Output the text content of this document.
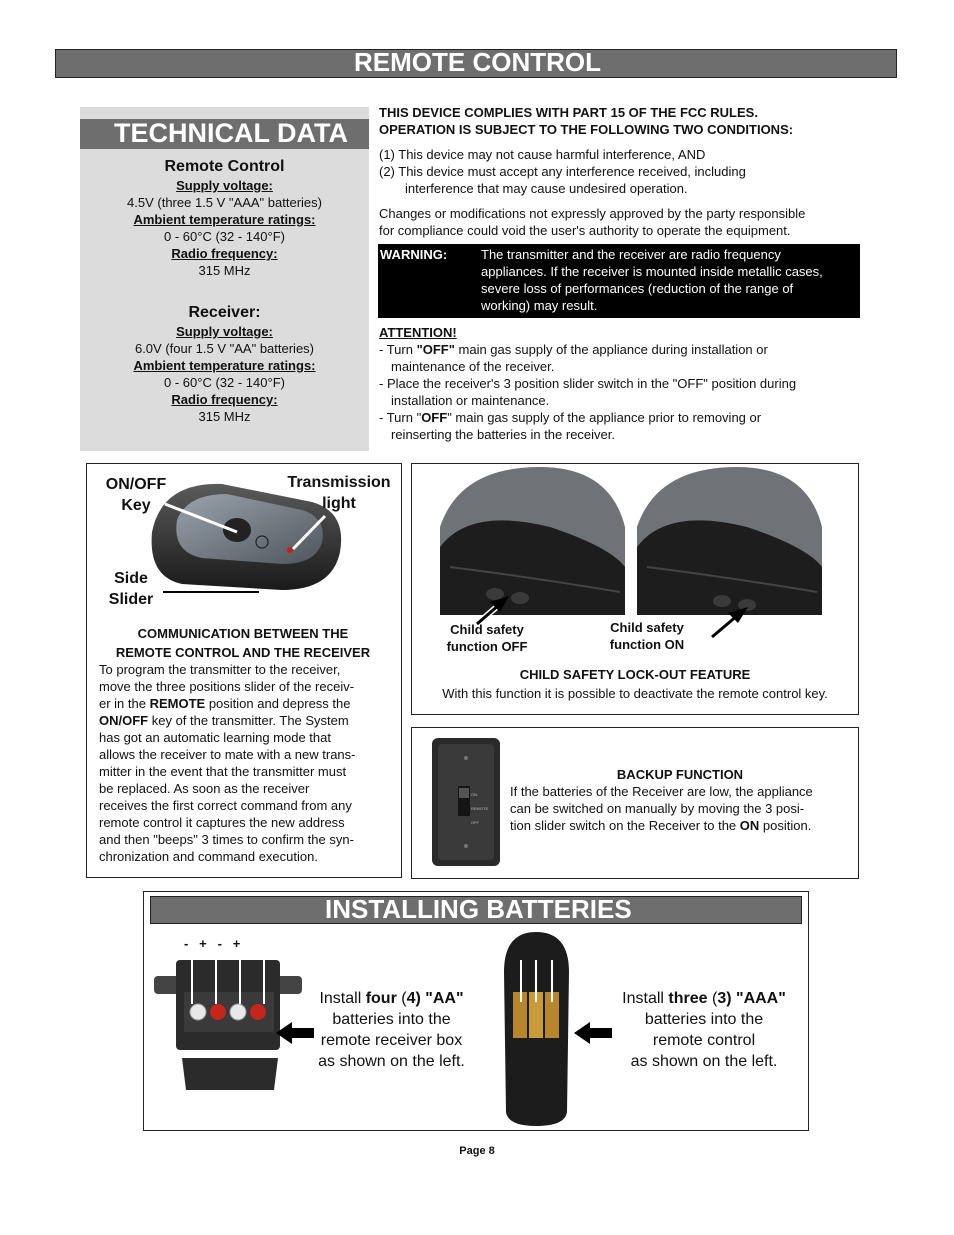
REMOTE CONTROL
TECHNICAL DATA
Remote Control
Supply voltage:
4.5V (three 1.5 V "AAA" batteries)
Ambient temperature ratings:
0 - 60°C (32 - 140°F)
Radio frequency:
315 MHz
Receiver:
Supply voltage:
6.0V (four 1.5 V "AA" batteries)
Ambient temperature ratings:
0 - 60°C (32 - 140°F)
Radio frequency:
315 MHz
THIS DEVICE COMPLIES WITH PART 15 OF THE FCC RULES.
OPERATION IS SUBJECT TO THE FOLLOWING TWO CONDITIONS:
(1) This device may not cause harmful interference, AND
(2) This device must accept any interference received, including
interference that may cause undesired operation.
Changes or modifications not expressly approved by the party responsible
for compliance could void the user's authority to operate the equipment.
WARNING:	The transmitter and the receiver are radio frequency
appliances. If the receiver is mounted inside metallic cases,
severe loss of performances (reduction of the range of
working) may result.
ATTENTION!
- Turn "OFF" main gas supply of the appliance during installation or
maintenance of the receiver.
- Place the receiver's 3 position slider switch in the "OFF" position during
installation or maintenance.
- Turn "OFF" main gas supply of the appliance prior to removing or
reinserting the batteries in the receiver.
ON/OFF
Key
Transmission
light
Side
Slider
COMMUNICATION BETWEEN THE
REMOTE CONTROL AND THE RECEIVER
To program the transmitter to the receiver,
move the three positions slider of the receiv-
er in the REMOTE position and depress the
ON/OFF key of the transmitter. The System
has got an automatic learning mode that
allows the receiver to mate with a new trans-
mitter in the event that the transmitter must
be replaced. As soon as the receiver
receives the first correct command from any
remote control it captures the new address
and then "beeps" 3 times to confirm the syn-
chronization and command execution.
Child safety
function OFF
Child safety
function ON
CHILD SAFETY LOCK-OUT FEATURE
With this function it is possible to deactivate the remote control key.
ON
REMOTE
OFF
BACKUP FUNCTION
If the batteries of the Receiver are low, the appliance
can be switched on manually by moving the 3 posi-
tion slider switch on the Receiver to the ON position.
INSTALLING BATTERIES
-   +   -   +
Install four (4) "AA"
batteries into the
remote receiver box
as shown on the left.
Install three (3) "AAA"
batteries into the
remote control
as shown on the left.
Page 8
